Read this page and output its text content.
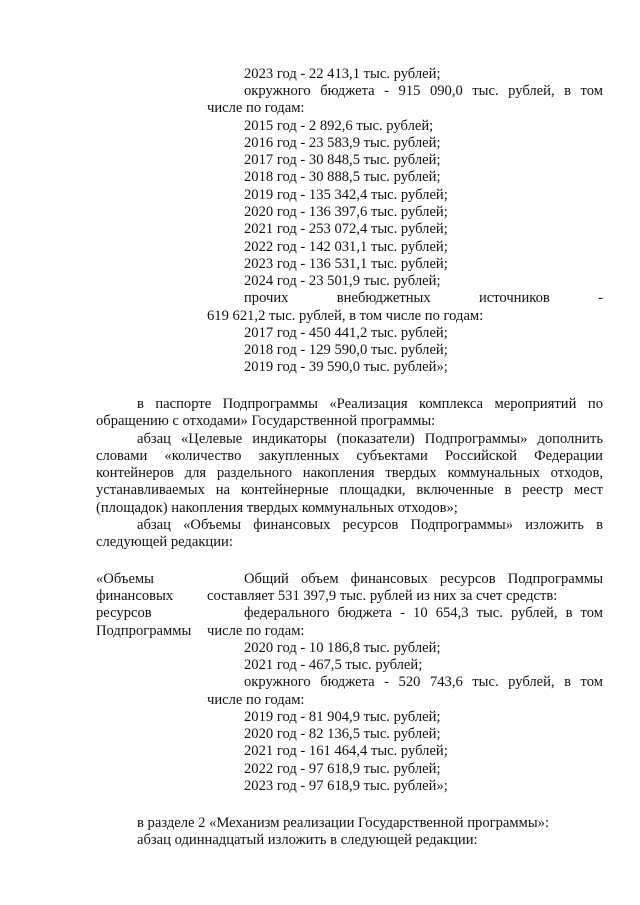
2023 год - 22 413,1 тыс. рублей;
окружного бюджета - 915 090,0 тыс. рублей, в том
числе по годам:
2015 год - 2 892,6 тыс. рублей;
2016 год - 23 583,9 тыс. рублей;
2017 год - 30 848,5 тыс. рублей;
2018 год - 30 888,5 тыс. рублей;
2019 год - 135 342,4 тыс. рублей;
2020 год - 136 397,6 тыс. рублей;
2021 год - 253 072,4 тыс. рублей;
2022 год - 142 031,1 тыс. рублей;
2023 год - 136 531,1 тыс. рублей;
2024 год - 23 501,9 тыс. рублей;
прочих внебюджетных источников -
619 621,2 тыс. рублей, в том числе по годам:
2017 год - 450 441,2 тыс. рублей;
2018 год - 129 590,0 тыс. рублей;
2019 год - 39 590,0 тыс. рублей»;
в паспорте Подпрограммы «Реализация комплекса мероприятий по
обращению с отходами» Государственной программы:
абзац «Целевые индикаторы (показатели) Подпрограммы» дополнить
словами «количество закупленных субъектами Российской Федерации
контейнеров для раздельного накопления твердых коммунальных отходов,
устанавливаемых на контейнерные площадки, включенные в реестр мест
(площадок) накопления твердых коммунальных отходов»;
абзац «Объемы финансовых ресурсов Подпрограммы» изложить в
следующей редакции:
«Объемы
финансовых
ресурсов
Подпрограммы
Общий объем финансовых ресурсов Подпрограммы
составляет 531 397,9 тыс. рублей из них за счет средств:
федерального бюджета - 10 654,3 тыс. рублей, в том
числе по годам:
2020 год - 10 186,8 тыс. рублей;
2021 год - 467,5 тыс. рублей;
окружного бюджета - 520 743,6 тыс. рублей, в том
числе по годам:
2019 год - 81 904,9 тыс. рублей;
2020 год - 82 136,5 тыс. рублей;
2021 год - 161 464,4 тыс. рублей;
2022 год - 97 618,9 тыс. рублей;
2023 год - 97 618,9 тыс. рублей»;
в разделе 2 «Механизм реализации Государственной программы»:
абзац одиннадцатый изложить в следующей редакции:
